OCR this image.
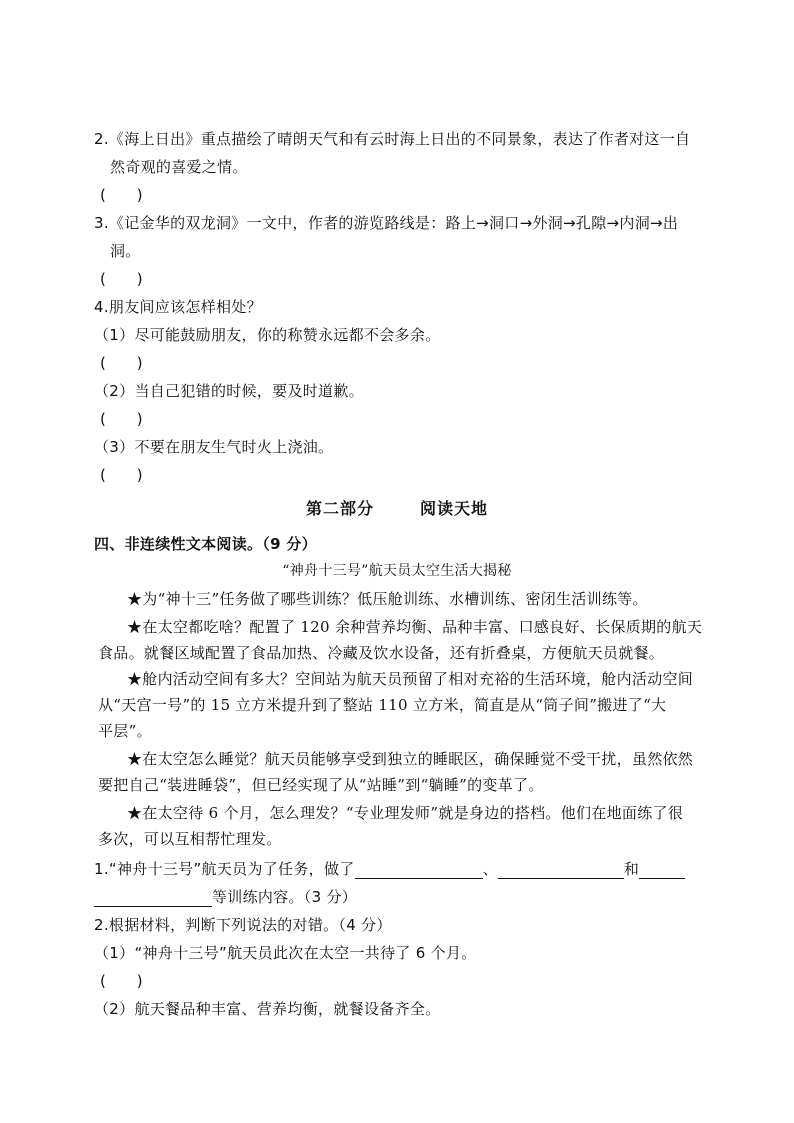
2.《海上日出》重点描绘了晴朗天气和有云时海上日出的不同景象，表达了作者对这一自
然奇观的喜爱之情。
(　　)
3.《记金华的双龙洞》一文中，作者的游览路线是：路上→洞口→外洞→孔隙→内洞→出
洞。
(　　)
4.朋友间应该怎样相处？
（1）尽可能鼓励朋友，你的称赞永远都不会多余。
(　　)
（2）当自己犯错的时候，要及时道歉。
(　　)
（3）不要在朋友生气时火上浇油。
(　　)
第二部分	阅读天地
四、非连续性文本阅读。（9 分）
“神舟十三号”航天员太空生活大揭秘
★为“神十三”任务做了哪些训练？低压舱训练、水槽训练、密闭生活训练等。
★在太空都吃啥？配置了 120 余种营养均衡、品种丰富、口感良好、长保质期的航天
食品。就餐区域配置了食品加热、冷藏及饮水设备，还有折叠桌，方便航天员就餐。
★舱内活动空间有多大？空间站为航天员预留了相对充裕的生活环境，舱内活动空间
从“天宫一号”的 15 立方米提升到了整站 110 立方米，简直是从“筒子间”搬进了“大
平层”。
★在太空怎么睡觉？航天员能够享受到独立的睡眠区，确保睡觉不受干扰，虽然依然
要把自己“装进睡袋”，但已经实现了从“站睡”到“躺睡”的变革了。
★在太空待 6 个月，怎么理发？“专业理发师”就是身边的搭档。他们在地面练了很
多次，可以互相帮忙理发。
1.“神舟十三号”航天员为了任务，做了	、	和
等训练内容。（3 分）
2.根据材料，判断下列说法的对错。（4 分）
（1）“神舟十三号”航天员此次在太空一共待了 6 个月。
(　　)
（2）航天餐品种丰富、营养均衡，就餐设备齐全。
